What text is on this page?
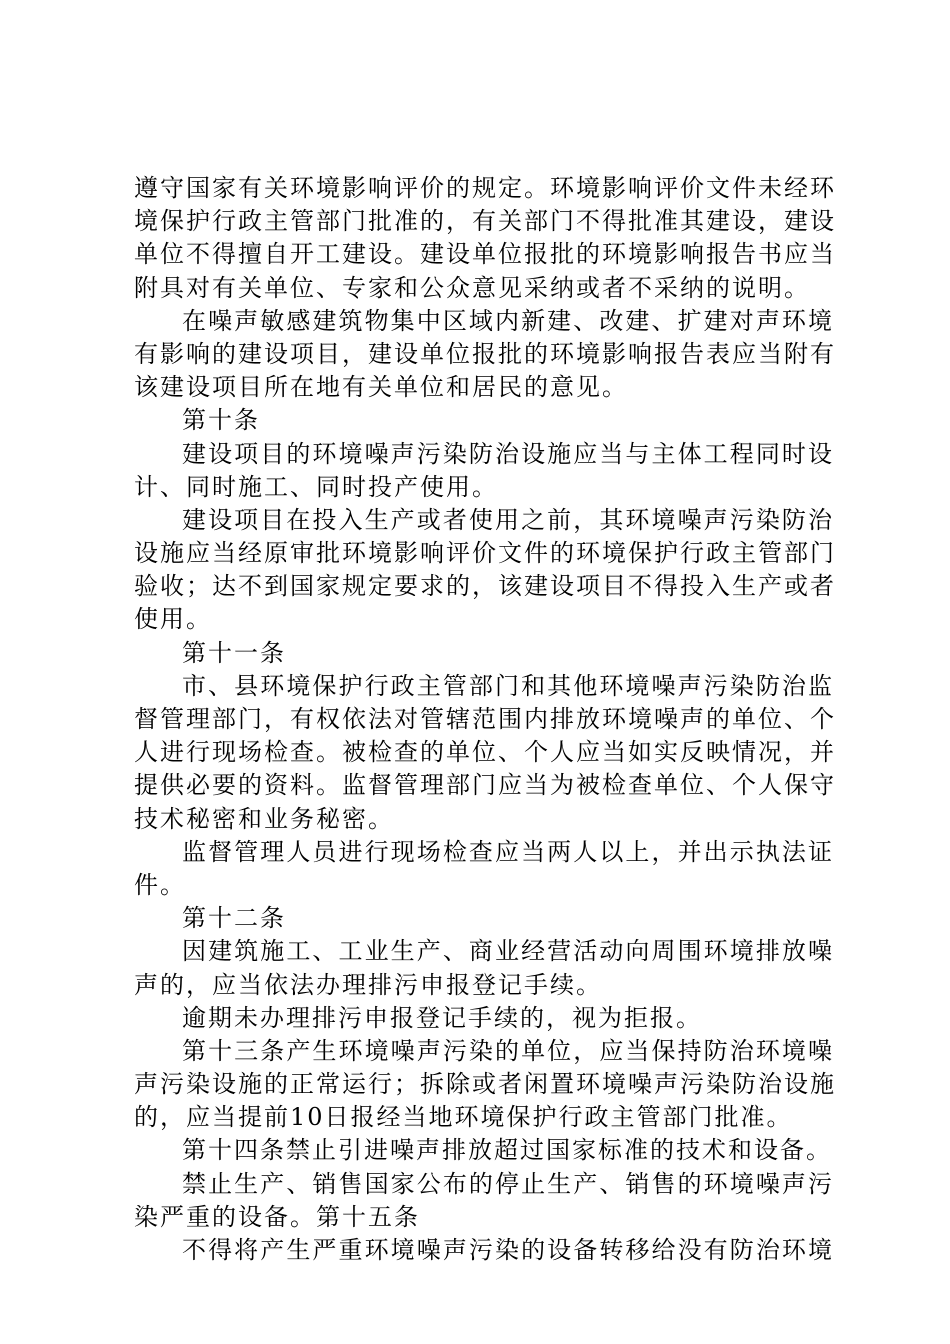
遵守国家有关环境影响评价的规定。环境影响评价文件未经环
境保护行政主管部门批准的，有关部门不得批准其建设，建设
单位不得擅自开工建设。建设单位报批的环境影响报告书应当
附具对有关单位、专家和公众意见采纳或者不采纳的说明。
在噪声敏感建筑物集中区域内新建、改建、扩建对声环境
有影响的建设项目，建设单位报批的环境影响报告表应当附有
该建设项目所在地有关单位和居民的意见。
第十条
建设项目的环境噪声污染防治设施应当与主体工程同时设
计、同时施工、同时投产使用。
建设项目在投入生产或者使用之前，其环境噪声污染防治
设施应当经原审批环境影响评价文件的环境保护行政主管部门
验收；达不到国家规定要求的，该建设项目不得投入生产或者
使用。
第十一条
市、县环境保护行政主管部门和其他环境噪声污染防治监
督管理部门，有权依法对管辖范围内排放环境噪声的单位、个
人进行现场检查。被检查的单位、个人应当如实反映情况，并
提供必要的资料。监督管理部门应当为被检查单位、个人保守
技术秘密和业务秘密。
监督管理人员进行现场检查应当两人以上，并出示执法证
件。
第十二条
因建筑施工、工业生产、商业经营活动向周围环境排放噪
声的，应当依法办理排污申报登记手续。
逾期未办理排污申报登记手续的，视为拒报。
第十三条产生环境噪声污染的单位，应当保持防治环境噪
声污染设施的正常运行；拆除或者闲置环境噪声污染防治设施
的，应当提前10日报经当地环境保护行政主管部门批准。
第十四条禁止引进噪声排放超过国家标准的技术和设备。
禁止生产、销售国家公布的停止生产、销售的环境噪声污
染严重的设备。第十五条
不得将产生严重环境噪声污染的设备转移给没有防治环境
